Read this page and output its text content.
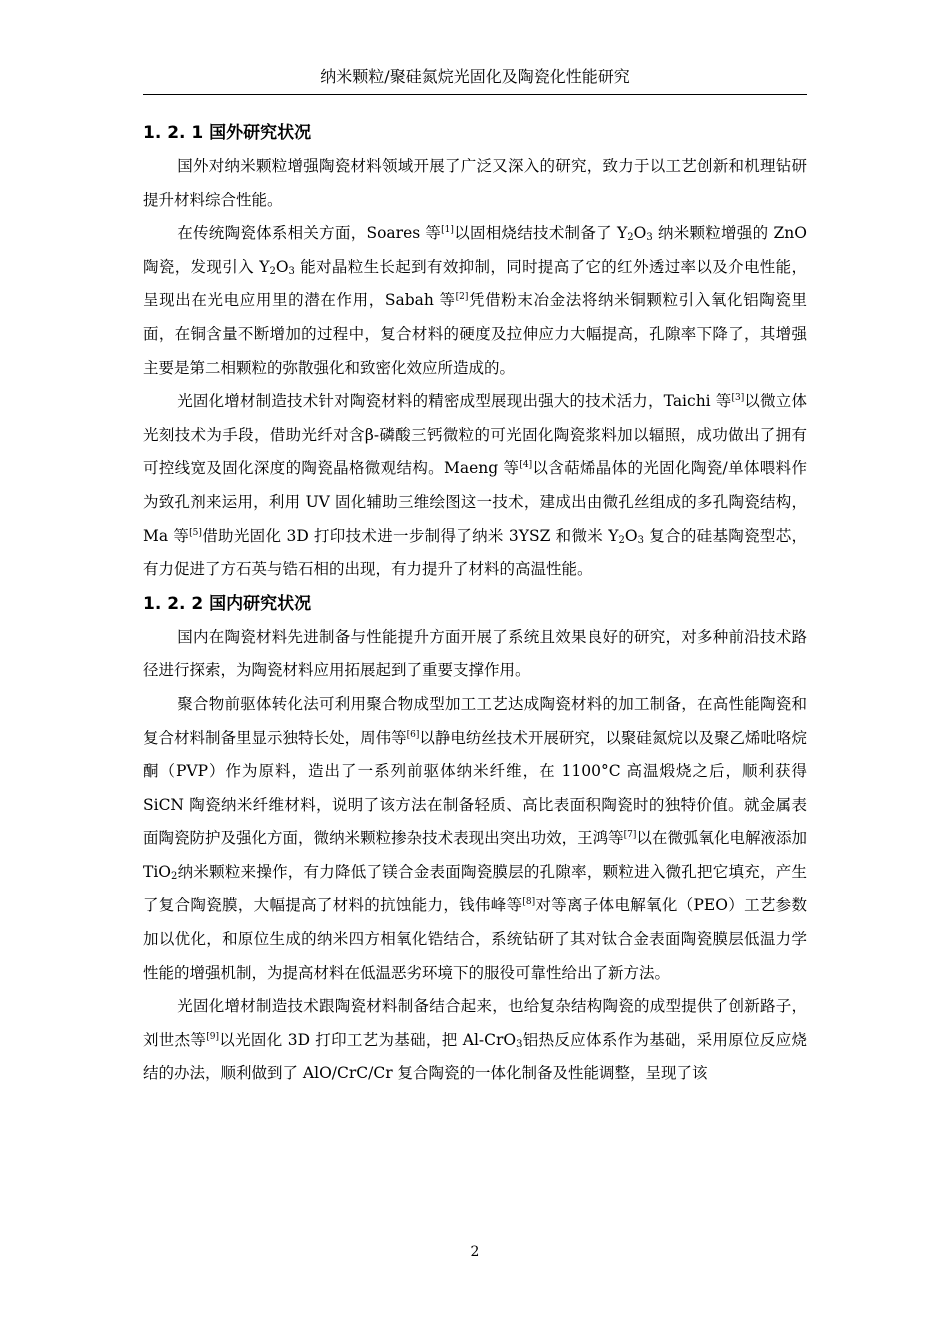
纳米颗粒/聚硅氮烷光固化及陶瓷化性能研究
1. 2. 1 国外研究状况

国外对纳米颗粒增强陶瓷材料领域开展了广泛又深入的研究，致力于以工艺创新和机理钻研提升材料综合性能。

在传统陶瓷体系相关方面，Soares 等[1]以固相烧结技术制备了 $Y_2O_3$ 纳米颗粒增强的 ZnO 陶瓷，发现引入 $Y_2O_3$ 能对晶粒生长起到有效抑制，同时提高了它的红外透过率以及介电性能，呈现出在光电应用里的潜在作用，Sabah 等[2]凭借粉末冶金法将纳米铜颗粒引入氧化铝陶瓷里面，在铜含量不断增加的过程中，复合材料的硬度及拉伸应力大幅提高，孔隙率下降了，其增强主要是第二相颗粒的弥散强化和致密化效应所造成的。

光固化增材制造技术针对陶瓷材料的精密成型展现出强大的技术活力，Taichi 等[3]以微立体光刻技术为手段，借助光纤对含β-磷酸三钙微粒的可光固化陶瓷浆料加以辐照，成功做出了拥有可控线宽及固化深度的陶瓷晶格微观结构。Maeng 等[4]以含萜烯晶体的光固化陶瓷/单体喂料作为致孔剂来运用，利用 UV 固化辅助三维绘图这一技术，建成出由微孔丝组成的多孔陶瓷结构，Ma 等[5]借助光固化 3D 打印技术进一步制得了纳米 3YSZ 和微米 $Y_2O_3$ 复合的硅基陶瓷型芯，有力促进了方石英与锆石相的出现，有力提升了材料的高温性能。

1. 2. 2 国内研究状况

国内在陶瓷材料先进制备与性能提升方面开展了系统且效果良好的研究，对多种前沿技术路径进行探索，为陶瓷材料应用拓展起到了重要支撑作用。

聚合物前驱体转化法可利用聚合物成型加工工艺达成陶瓷材料的加工制备，在高性能陶瓷和复合材料制备里显示独特长处，周伟等[6]以静电纺丝技术开展研究，以聚硅氮烷以及聚乙烯吡咯烷酮（PVP）作为原料，造出了一系列前驱体纳米纤维，在 1100°C 高温煅烧之后，顺利获得 SiCN 陶瓷纳米纤维材料，说明了该方法在制备轻质、高比表面积陶瓷时的独特价值。就金属表面陶瓷防护及强化方面，微纳米颗粒掺杂技术表现出突出功效，王鸿等[7]以在微弧氧化电解液添加 TiO$_2$纳米颗粒来操作，有力降低了镁合金表面陶瓷膜层的孔隙率，颗粒进入微孔把它填充，产生了复合陶瓷膜，大幅提高了材料的抗蚀能力，钱伟峰等[8]对等离子体电解氧化（PEO）工艺参数加以优化，和原位生成的纳米四方相氧化锆结合，系统钻研了其对钛合金表面陶瓷膜层低温力学性能的增强机制，为提高材料在低温恶劣环境下的服役可靠性给出了新方法。

光固化增材制造技术跟陶瓷材料制备结合起来，也给复杂结构陶瓷的成型提供了创新路子，刘世杰等[9]以光固化 3D 打印工艺为基础，把 Al-CrO$_3$铝热反应体系作为基础，采用原位反应烧结的办法，顺利做到了 AlO/CrC/Cr 复合陶瓷的一体化制备及性能调整，呈现了该

2
